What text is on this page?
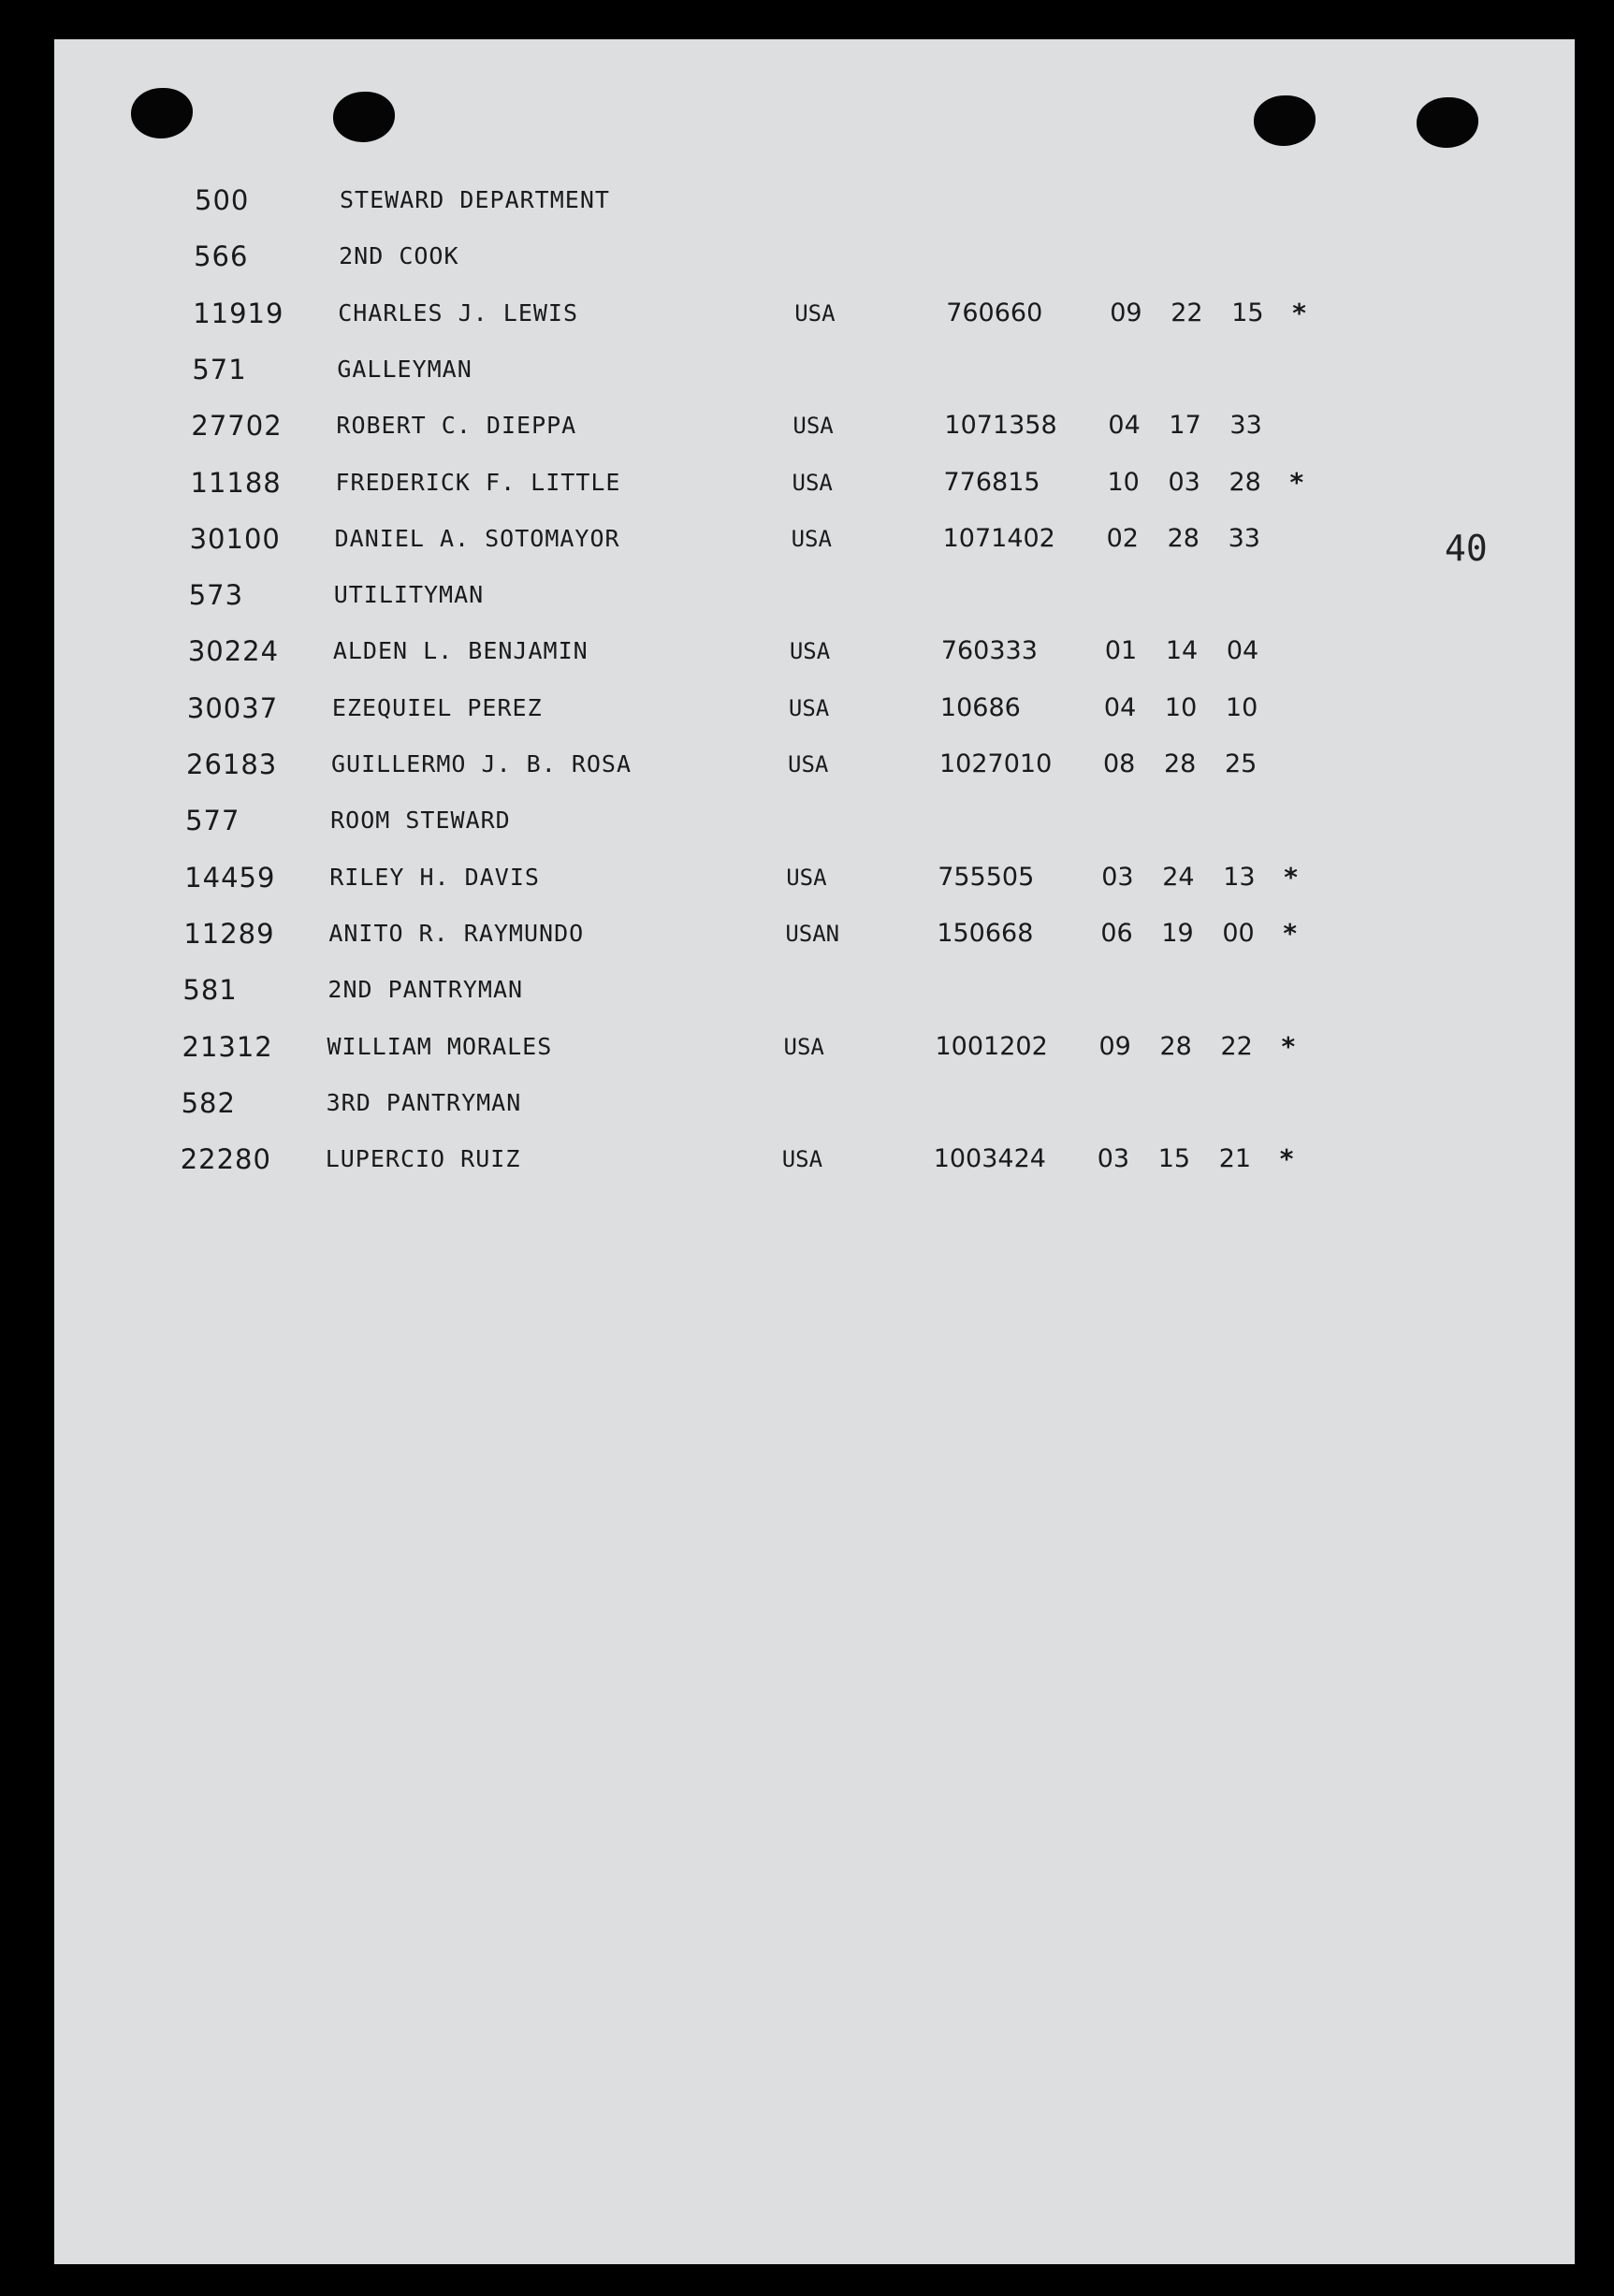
40
500	STEWARD DEPARTMENT
566	2ND COOK
11919 CHARLES J. LEWIS	USA	760660	09 22 15 *
571	GALLEYMAN
27702 ROBERT C. DIEPPA	USA	1071358 04 17 33
11188 FREDERICK F. LITTLE	USA	776815	10 03 28 *
30100 DANIEL A. SOTOMAYOR	USA	1071402 02 28 33
573	UTILITYMAN
30224 ALDEN L. BENJAMIN	USA	760333	01 14 04
30037 EZEQUIEL PEREZ	USA	10686	04 10 10
26183 GUILLERMO J. B. ROSA	USA	1027010 08 28 25
577	ROOM STEWARD
14459 RILEY H. DAVIS	USA	755505	03 24 13 *
11289 ANITO R. RAYMUNDO	USAN	150668	06 19 00 *
581	2ND PANTRYMAN
21312 WILLIAM MORALES	USA	1001202 09 28 22 *
582	3RD PANTRYMAN
22280 LUPERCIO RUIZ	USA	1003424 03 15 21 *
